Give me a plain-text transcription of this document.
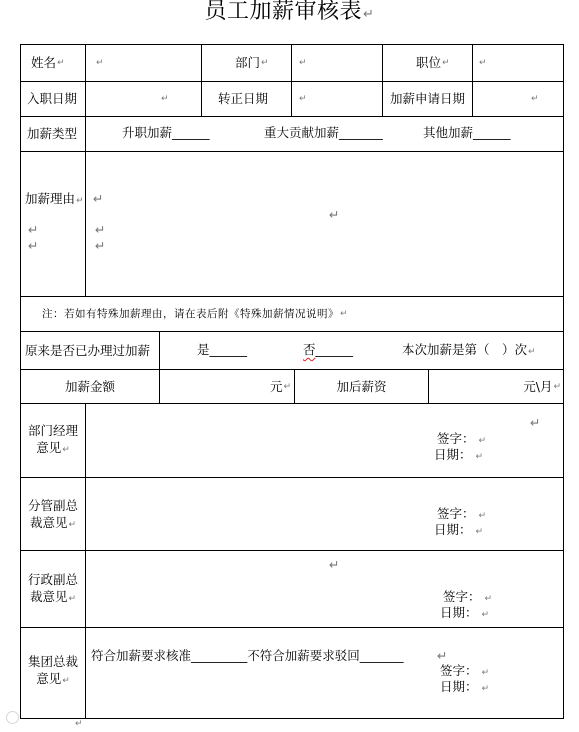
员工加薪审核表↵
姓名 ↵	↵	部门 ↵	↵	职位 ↵	↵
入职日期	↵	转正日期	↵	加薪申请日期	↵
加薪类型	升职加薪______	重大贡献加薪_______	其他加薪______
加薪理由↵
↵
↵
↵
↵
↵
↵
注：若如有特殊加薪理由，请在表后附《特殊加薪情况说明》 ↵
原来是否已办理过加薪	是______	否______	本次加薪是第（　）次↵
加薪金额	元 ↵	加后薪资	元\月 ↵
部门经理意见↵
↵
签字： ↵
日期： ↵
分管副总裁意见↵
签字： ↵
日期： ↵
行政副总裁意见↵
↵
签字： ↵
日期： ↵
集团总裁意见↵
符合加薪要求核准_________不符合加薪要求驳回_______	↵
签字： ↵
日期： ↵
↵
